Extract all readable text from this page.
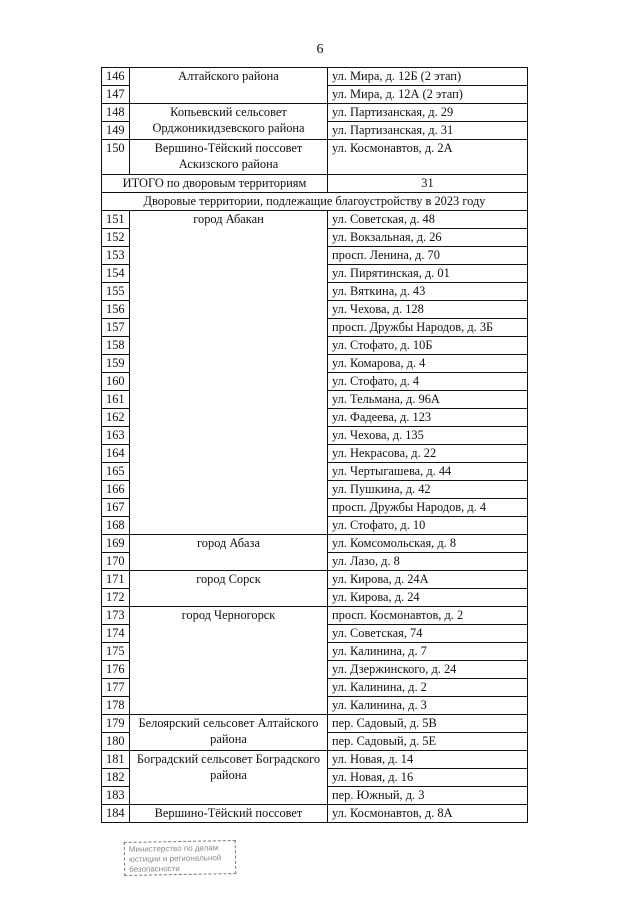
6
146	Алтайского района	ул. Мира, д. 12Б (2 этап)
147		ул. Мира, д. 12А (2 этап)
148	Копьевский сельсовет Орджоникидзевского района	ул. Партизанская, д. 29
149		ул. Партизанская, д. 31
150	Вершино-Тёйский поссовет Аскизского района	ул. Космонавтов, д. 2А
ИТОГО по дворовым территориям		31
Дворовые территории, подлежащие благоустройству в 2023 году		
151	город Абакан	ул. Советская, д. 48
152		ул. Вокзальная, д. 26
153		просп. Ленина, д. 70
154		ул. Пирятинская, д. 01
155		ул. Вяткина, д. 43
156		ул. Чехова, д. 128
157		просп. Дружбы Народов, д. 3Б
158		ул. Стофато, д. 10Б
159		ул. Комарова, д. 4
160		ул. Стофато, д. 4
161		ул. Тельмана, д. 96А
162		ул. Фадеева, д. 123
163		ул. Чехова, д. 135
164		ул. Некрасова, д. 22
165		ул. Чертыгашева, д. 44
166		ул. Пушкина, д. 42
167		просп. Дружбы Народов, д. 4
168		ул. Стофато, д. 10
169	город Абаза	ул. Комсомольская, д. 8
170		ул. Лазо, д. 8
171	город Сорск	ул. Кирова, д. 24А
172		ул. Кирова, д. 24
173	город Черногорск	просп. Космонавтов, д. 2
174		ул. Советская, 74
175		ул. Калинина, д. 7
176		ул. Дзержинского, д. 24
177		ул. Калинина, д. 2
178		ул. Калинина, д. 3
179	Белоярский сельсовет Алтайского района	пер. Садовый, д. 5В
180		пер. Садовый, д. 5Е
181	Боградский сельсовет Боградского района	ул. Новая, д. 14
182		ул. Новая, д. 16
183		пер. Южный, д. 3
184	Вершино-Тёйский поссовет	ул. Космонавтов, д. 8А
Министерство по делам
юстиции и региональной
безопасности
